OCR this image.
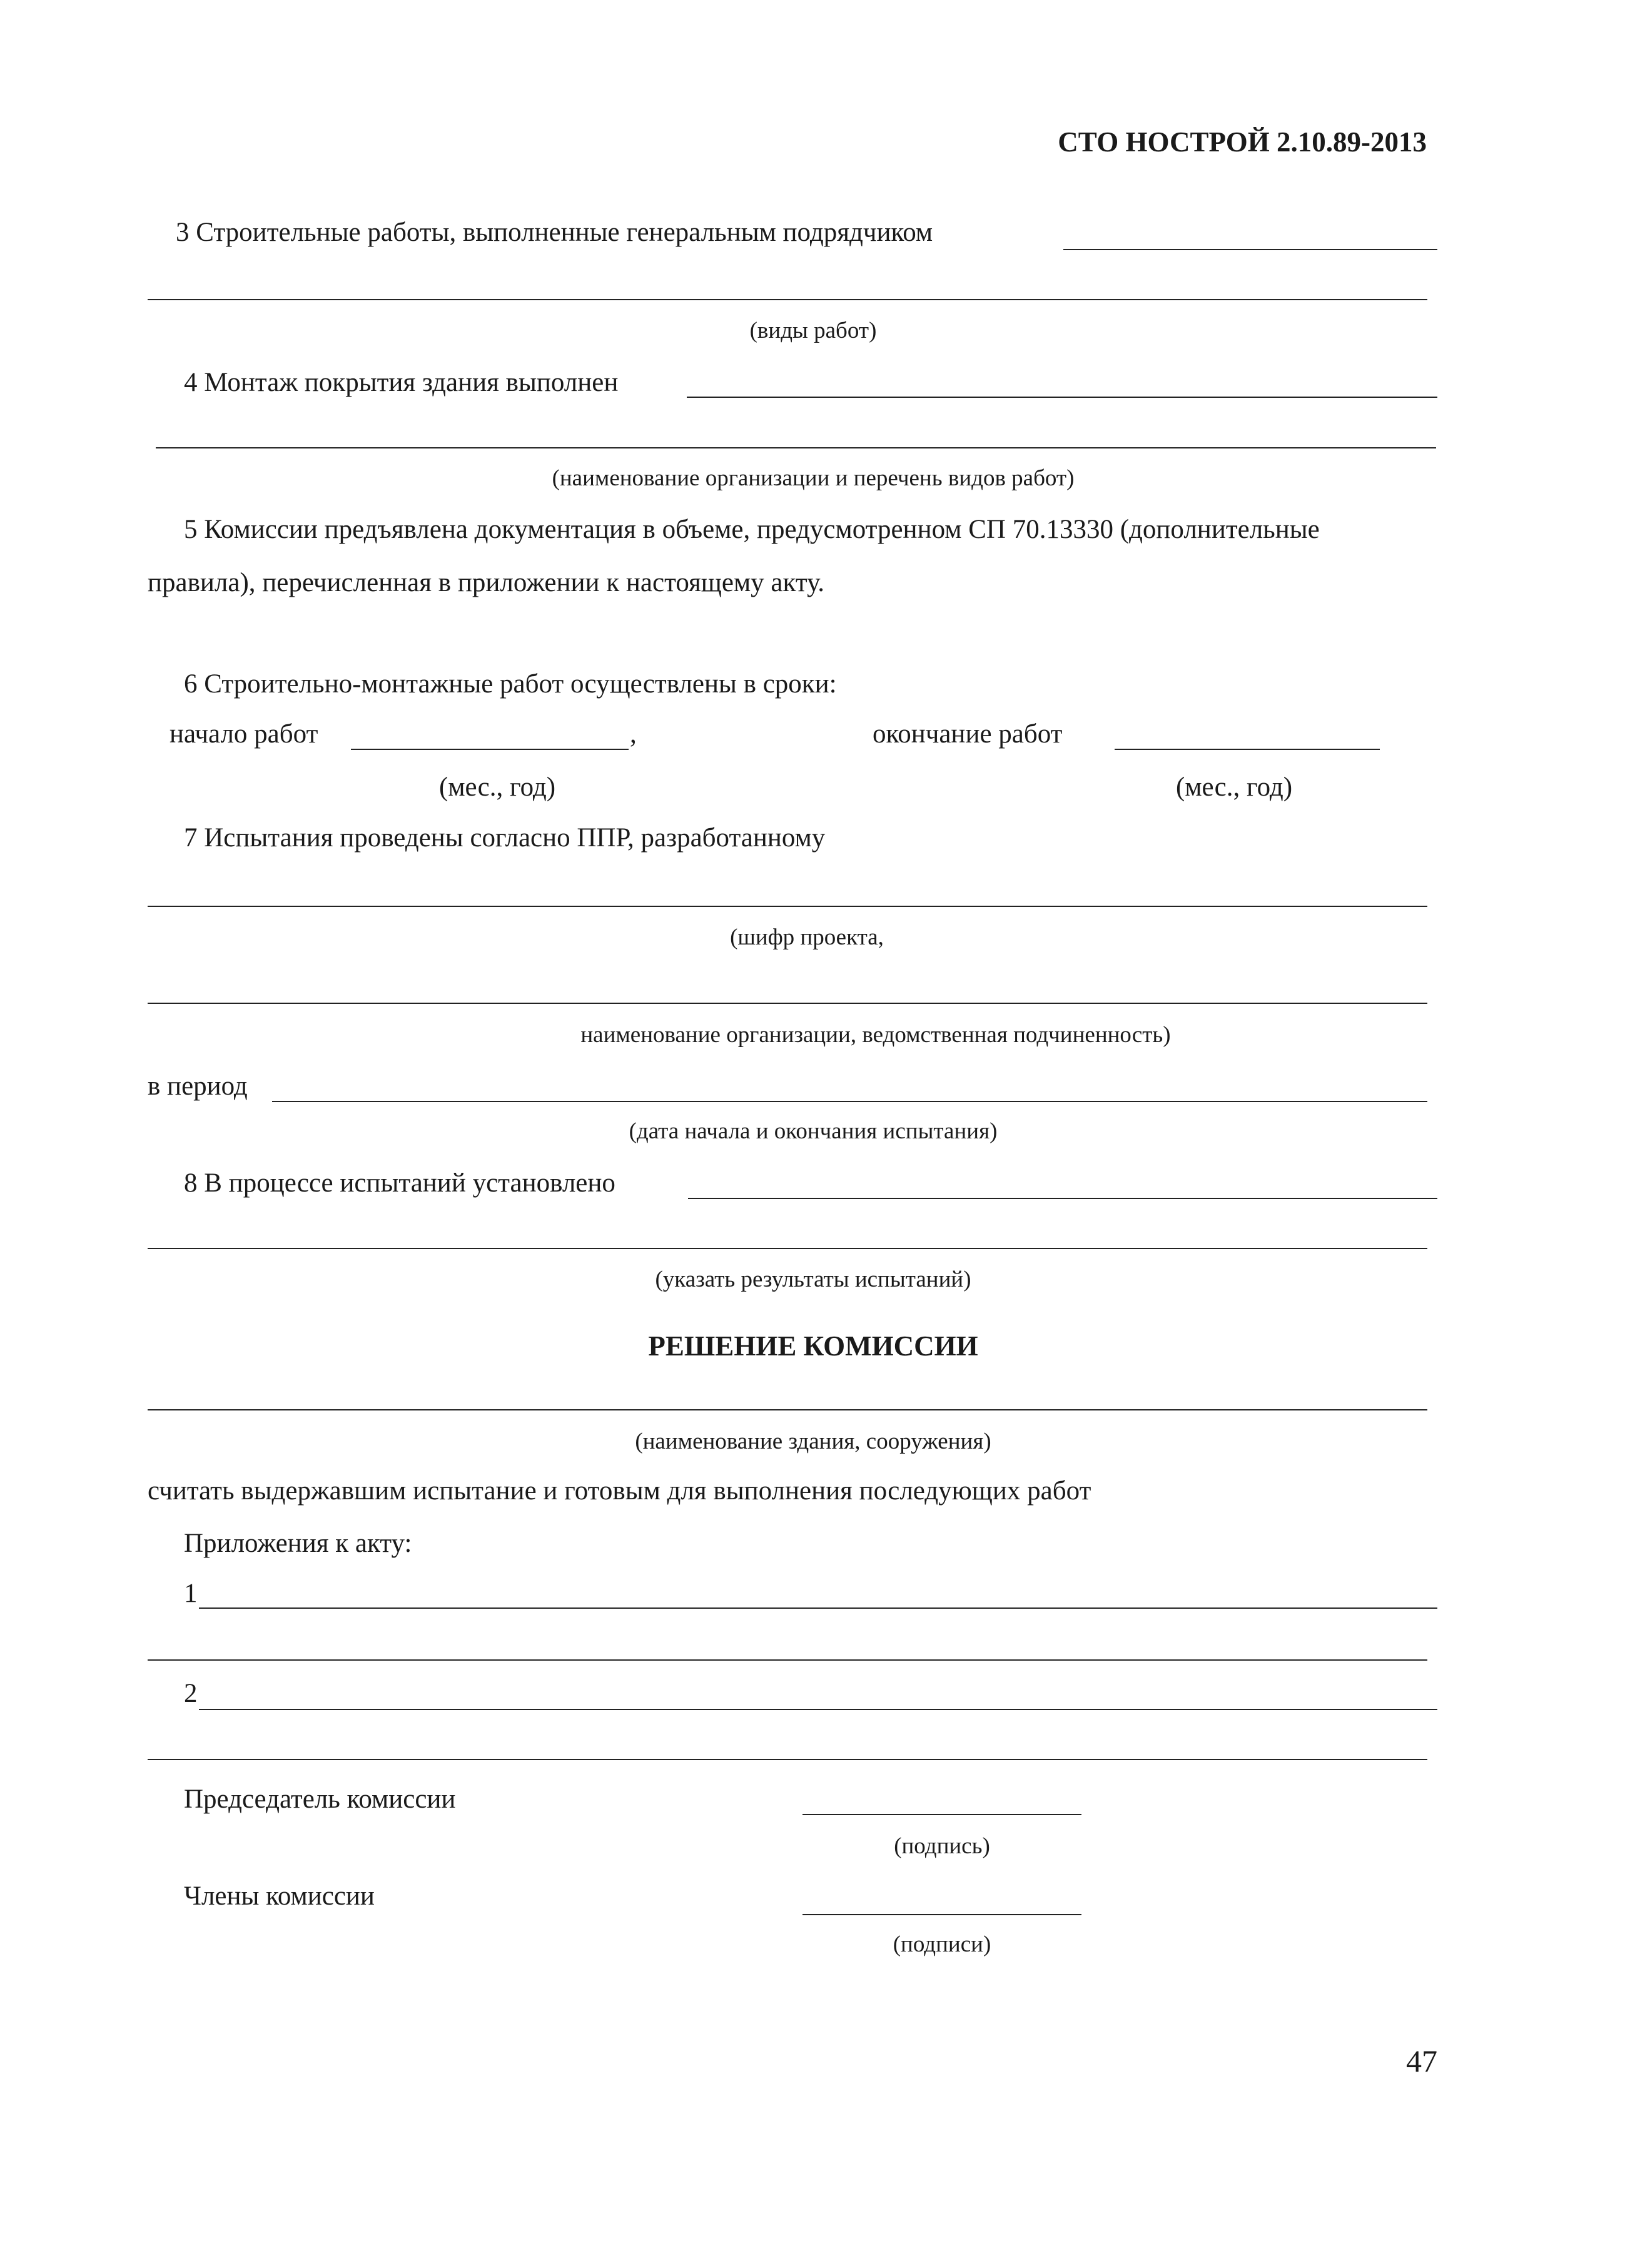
СТО НОСТРОЙ 2.10.89-2013
3 Строительные работы, выполненные генеральным подрядчиком
(виды работ)
4 Монтаж покрытия здания выполнен
(наименование организации и перечень видов работ)
5 Комиссии предъявлена документация в объеме, предусмотренном СП 70.13330 (дополнительные
правила), перечисленная в приложении к настоящему акту.
6 Строительно-монтажные работ осуществлены в сроки:
начало работ	,	окончание работ
(мес., год)	(мес., год)
7 Испытания проведены согласно ППР, разработанному
(шифр проекта,
наименование организации, ведомственная подчиненность)
в период
(дата начала и окончания испытания)
8 В процессе испытаний установлено
(указать результаты испытаний)
РЕШЕНИЕ КОМИССИИ
(наименование здания, сооружения)
считать выдержавшим испытание и готовым для выполнения последующих работ
Приложения к акту:
1
2
Председатель комиссии
(подпись)
Члены комиссии
(подписи)
47
